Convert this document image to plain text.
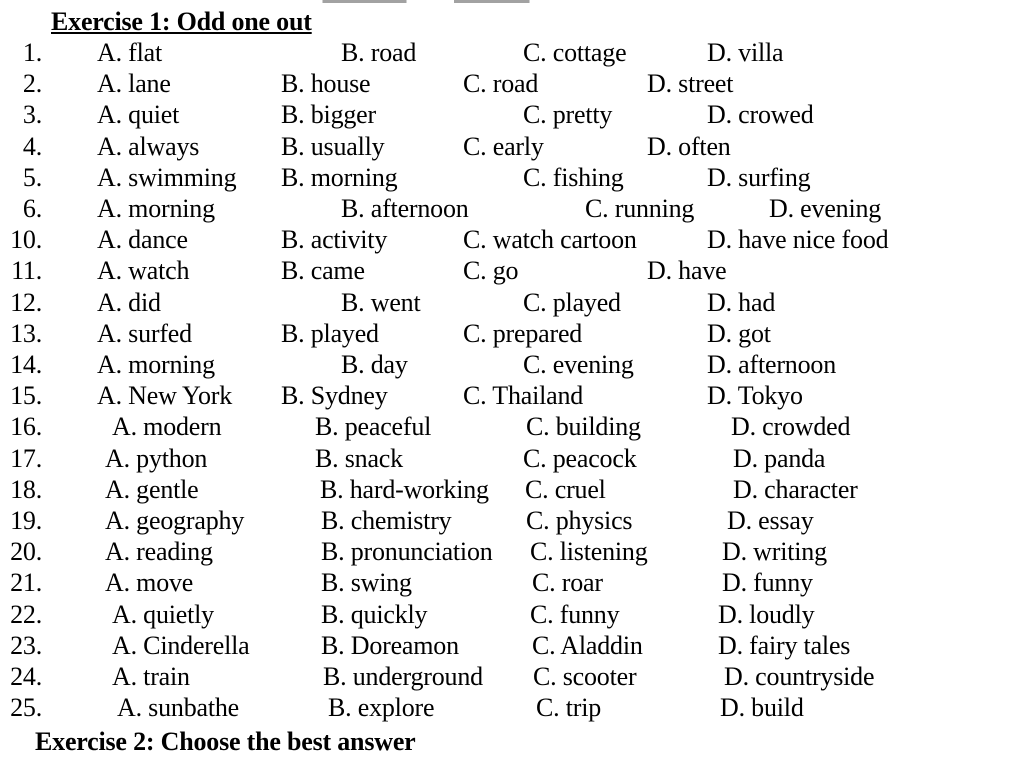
Exercise 1: Odd one out
1. A. flat	B. road	C. cottage	D. villa
2. A. lane	B. house	C. road	D. street
3. A. quiet	B. bigger	C. pretty	D. crowed
4. A. always	B. usually	C. early	D. often
5. A. swimming B. morning	C. fishing	D. surfing
6. A. morning	B. afternoon	C. running	D. evening
10. A. dance	B. activity	C. watch cartoon	D. have nice food
11. A. watch	B. came	C. go	D. have
12. A. did	B. went	C. played	D. had
13. A. surfed	B. played	C. prepared	D. got
14. A. morning	B. day	C. evening	D. afternoon
15. A. New York B. Sydney	C. Thailand	D. Tokyo
16.	A. modern	B. peaceful	C. building	D. crowded
17. A. python	B. snack	C. peacock	D. panda
18. A. gentle	B. hard-working C. cruel	D. character
19. A. geography	B. chemistry	C. physics	D. essay
20. A. reading	B. pronunciation C. listening	D. writing
21. A. move	B. swing	C. roar	D. funny
22.	A. quietly	B. quickly	C. funny	D. loudly
23.	A. Cinderella	B. Doreamon	C. Aladdin	D. fairy tales
24.	A. train	B. underground C. scooter	D. countryside
25.	A. sunbathe	B. explore	C. trip	D. build
Exercise 2: Choose the best answer
